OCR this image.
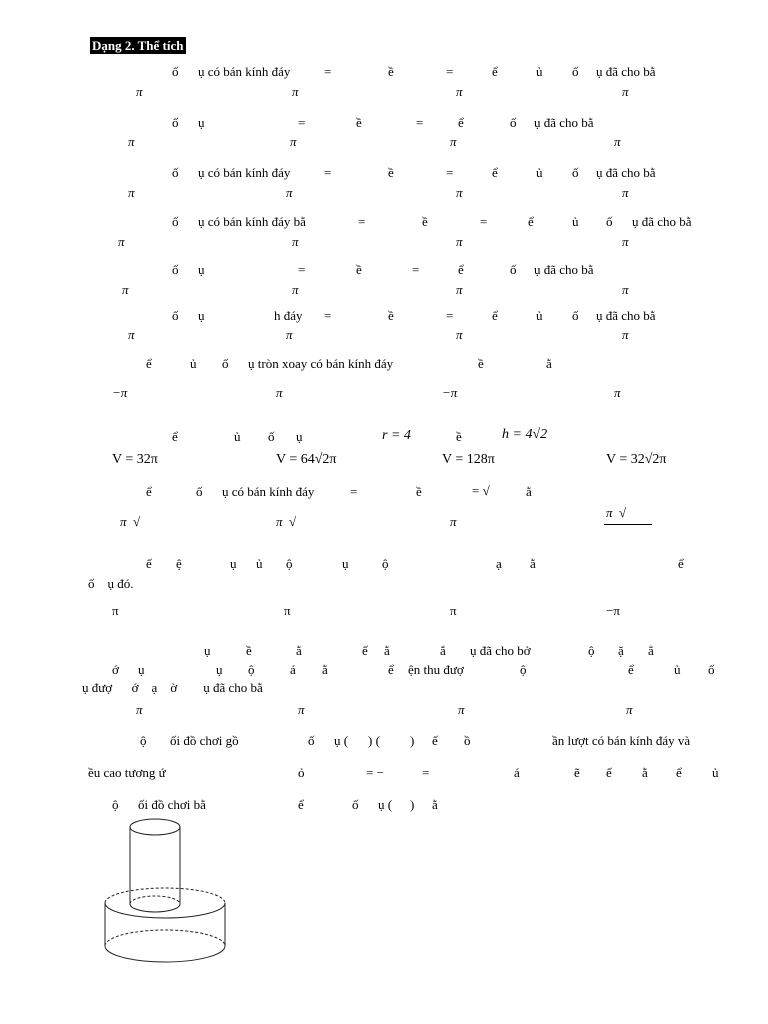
Dạng 2. Thể tích
ố ụ có bán kính đáy	=	ề	=	ể	ủ ố ụ đã cho bằ
π	π	π	π
ố ụ	=	ề	=	ể	ố ụ đã cho bằ
π	π	π	π
ố ụ có bán kính đáy	=	ề	=	ể	ủ ố ụ đã cho bằ
π	π	π	π
ố ụ có bán kính đáy bằ	=	ề	=	ể	ủ ố ụ đã cho bằ
π	π	π	π
ố ụ	=	ề	=	ể	ố ụ đã cho bằ
π	π	π	π
ố ụ	h đáy =	ề	=	ể	ủ ố ụ đã cho bằ
π	π	π	π
ể	ủ ố ụ tròn xoay có bán kính đáy	ề	ằ
−π	π	−π	π
ể	ủ ố ụ	r = 4	ề	h = 4√2
V = 32π	V = 64√2π	V = 128π	V = 32√2π
ể	ố ụ có bán kính đáy	=	ề	= √	ằ
π  √	π  √	π
π  √
ế ệ	ụ ủ ộ	ụ	ộ	ạ ằ	ể
ố    ụ đó.
π	π	π	−π
ụ	ề	ằ	ế ằ	ắ ụ đã cho bở	ộ ặ ẳ
ớ ụ	ụ ộ	á ằ	ể ện thu đượ	ộ	ể	ủ ố
ụ đượ      ớ    ạ    ờ        ụ đã cho bằ
π	π	π	π
ộ ối đồ chơi gồ	ố ụ ( ) ( ) ế ồ	ần lượt có bán kính đáy và
ều cao tương ứ	ỏ	= −	=	á	ẽ ế ằ ể ủ
ộ ối đồ chơi bằ	ể	ố ụ ( ) ằ
